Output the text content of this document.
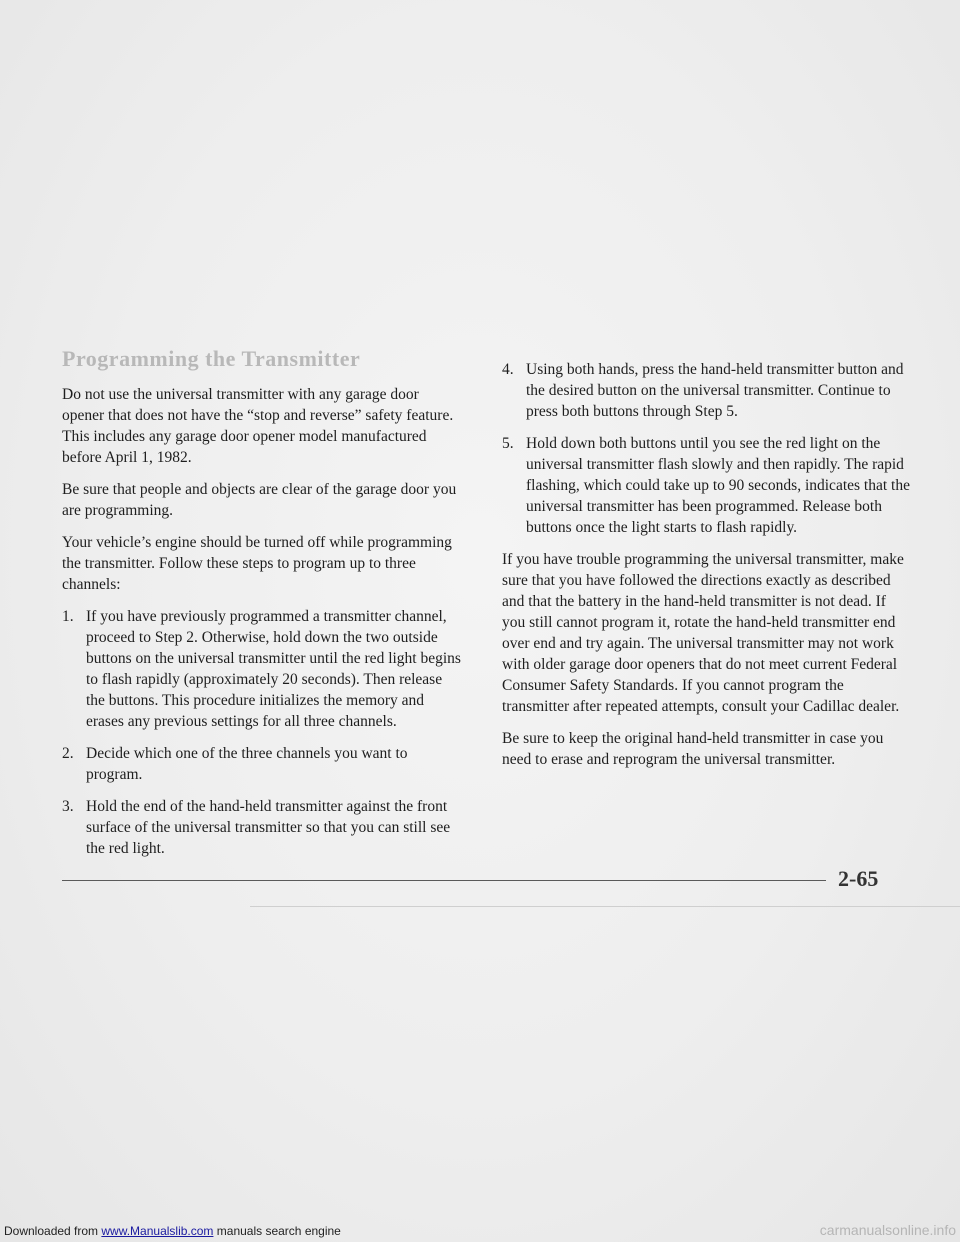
Programming the Transmitter

Do not use the universal transmitter with any garage door opener that does not have the “stop and reverse” safety feature. This includes any garage door opener model manufactured before April 1, 1982.

Be sure that people and objects are clear of the garage door you are programming.

Your vehicle’s engine should be turned off while programming the transmitter. Follow these steps to program up to three channels:

1. If you have previously programmed a transmitter channel, proceed to Step 2. Otherwise, hold down the two outside buttons on the universal transmitter until the red light begins to flash rapidly (approximately 20 seconds). Then release the buttons. This procedure initializes the memory and erases any previous settings for all three channels.
2. Decide which one of the three channels you want to program.
3. Hold the end of the hand-held transmitter against the front surface of the universal transmitter so that you can still see the red light.
4. Using both hands, press the hand-held transmitter button and the desired button on the universal transmitter. Continue to press both buttons through Step 5.
5. Hold down both buttons until you see the red light on the universal transmitter flash slowly and then rapidly. The rapid flashing, which could take up to 90 seconds, indicates that the universal transmitter has been programmed. Release both buttons once the light starts to flash rapidly.

If you have trouble programming the universal transmitter, make sure that you have followed the directions exactly as described and that the battery in the hand-held transmitter is not dead. If you still cannot program it, rotate the hand-held transmitter end over end and try again. The universal transmitter may not work with older garage door openers that do not meet current Federal Consumer Safety Standards. If you cannot program the transmitter after repeated attempts, consult your Cadillac dealer.

Be sure to keep the original hand-held transmitter in case you need to erase and reprogram the universal transmitter.

2-65
Downloaded from www.Manualslib.com manuals search engine	carmanualsonline.info
